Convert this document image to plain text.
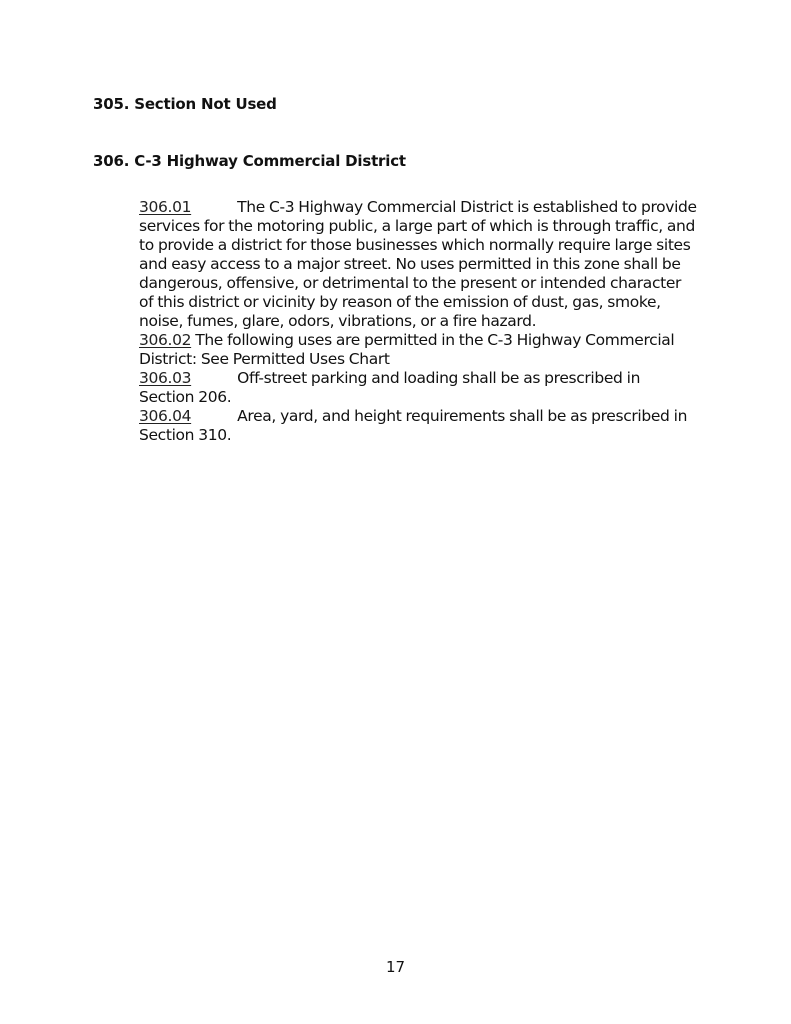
305. Section Not Used
306. C-3 Highway Commercial District

306.01	The C-3 Highway Commercial District is established to provide services for the motoring public, a large part of which is through traffic, and to provide a district for those businesses which normally require large sites and easy access to a major street. No uses permitted in this zone shall be dangerous, offensive, or detrimental to the present or intended character of this district or vicinity by reason of the emission of dust, gas, smoke, noise, fumes, glare, odors, vibrations, or a fire hazard.

306.02 The following uses are permitted in the C-3 Highway Commercial District: See Permitted Uses Chart

306.03	Off-street parking and loading shall be as prescribed in Section 206.

306.04	Area, yard, and height requirements shall be as prescribed in Section 310.

17
